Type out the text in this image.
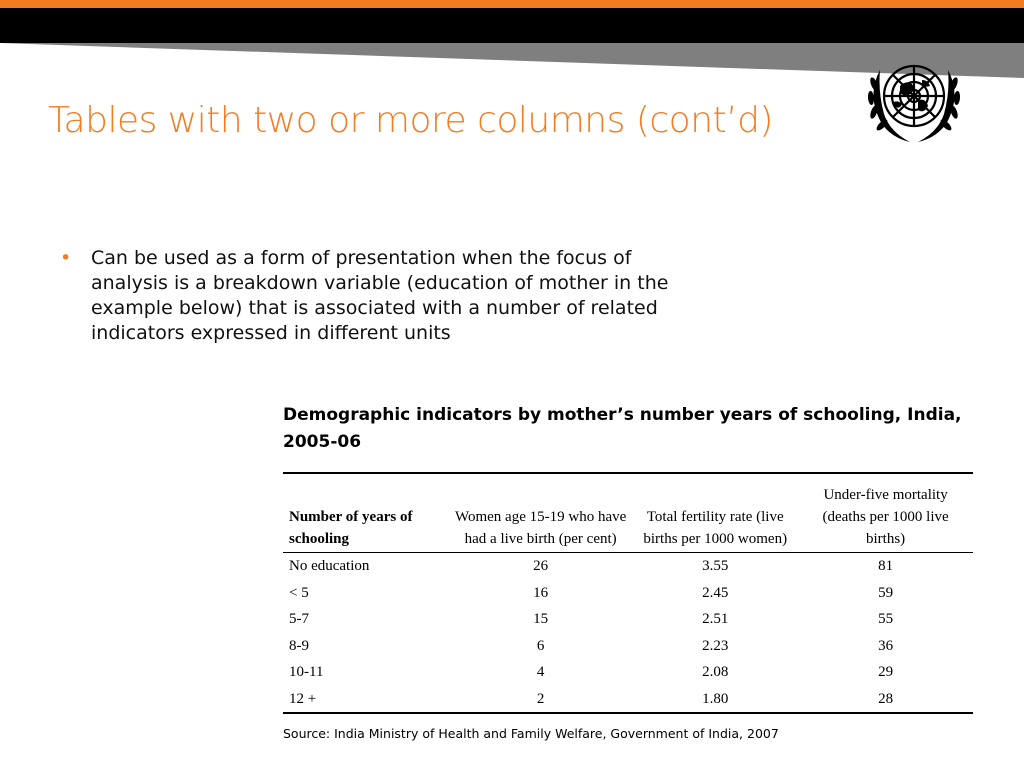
Tables with two or more columns (cont’d)
• Can be used as a form of presentation when the focus of analysis is a breakdown variable (education of mother in the example below) that is associated with a number of related indicators expressed in different units
Demographic indicators by mother’s number years of schooling, India, 2005-06
Number of years of schooling	Women age 15-19 who have had a live birth (per cent)	Total fertility rate (live births per 1000 women)	Under-five mortality (deaths per 1000 live births)
No education	26	3.55	81
< 5	16	2.45	59
5-7	15	2.51	55
8-9	6	2.23	36
10-11	4	2.08	29
12 +	2	1.80	28
Source: India Ministry of Health and Family Welfare, Government of India, 2007
